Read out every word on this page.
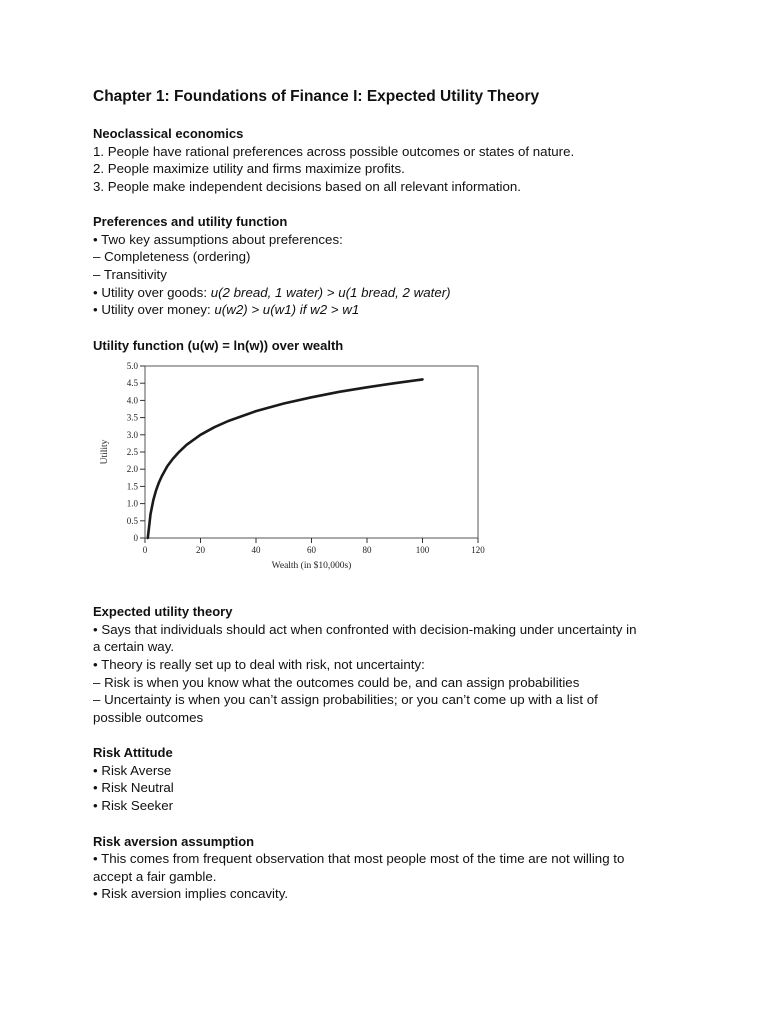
Chapter 1: Foundations of Finance I: Expected Utility Theory
Neoclassical economics
1. People have rational preferences across possible outcomes or states of nature.
2. People maximize utility and firms maximize profits.
3. People make independent decisions based on all relevant information.
Preferences and utility function
• Two key assumptions about preferences:
– Completeness (ordering)
– Transitivity
• Utility over goods: u(2 bread, 1 water) > u(1 bread, 2 water)
• Utility over money: u(w2) > u(w1) if w2 > w1
Utility function (u(w) = ln(w)) over wealth
0
0.5
1.0
1.5
2.0
2.5
3.0
3.5
4.0
4.5
5.0
0	20	40	60	80	100	120
Wealth (in $10,000s)
Utility
Expected utility theory
• Says that individuals should act when confronted with decision-making under uncertainty in
a certain way.
• Theory is really set up to deal with risk, not uncertainty:
– Risk is when you know what the outcomes could be, and can assign probabilities
– Uncertainty is when you can’t assign probabilities; or you can’t come up with a list of
possible outcomes
Risk Attitude
• Risk Averse
• Risk Neutral
• Risk Seeker
Risk aversion assumption
• This comes from frequent observation that most people most of the time are not willing to
accept a fair gamble.
• Risk aversion implies concavity.
